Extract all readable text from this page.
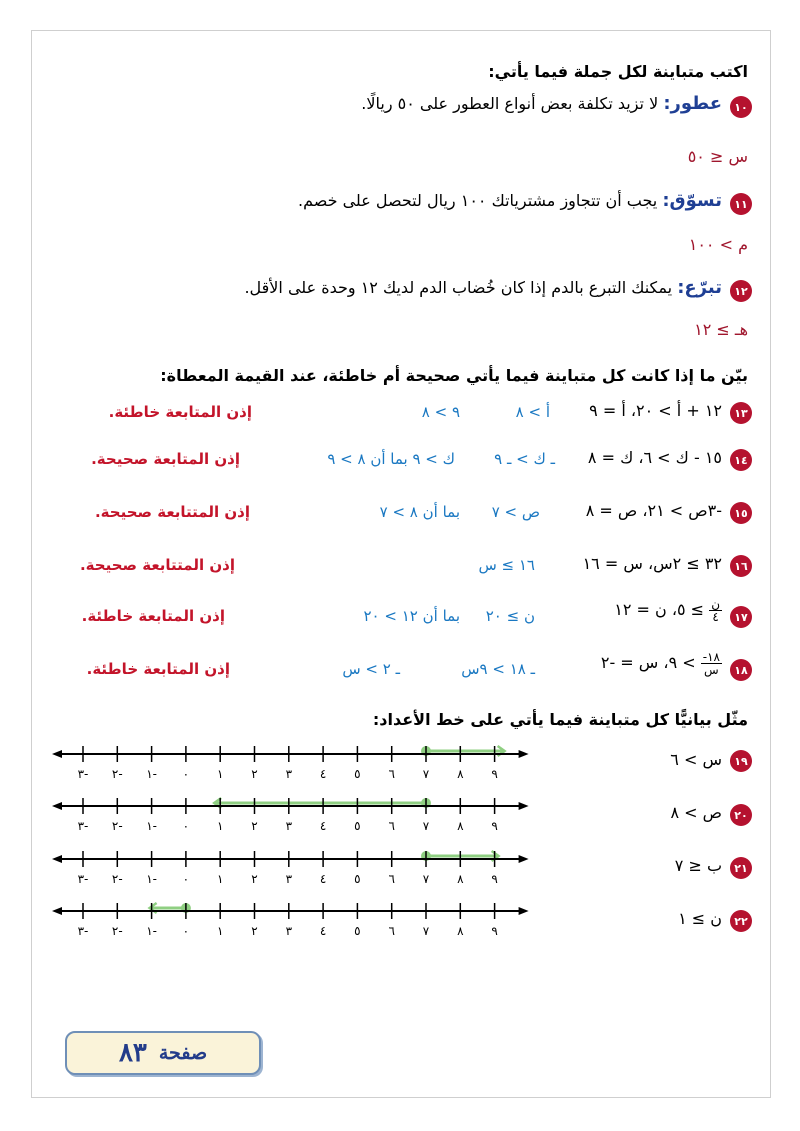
اكتب متباينة لكل جملة فيما يأتي:
١٠
عطور: لا تزيد تكلفة بعض أنواع العطور على ٥٠ ريالًا.
س ≤ ٥٠
١١
تسوّق: يجب أن تتجاوز مشترياتك ١٠٠ ريال لتحصل على خصم.
م > ١٠٠
١٢
تبرّع: يمكنك التبرع بالدم إذا كان خُضاب الدم لديك ١٢ وحدة على الأقل.
هـ ≥ ١٢
بيّن ما إذا كانت كل متباينة فيما يأتي صحيحة أم خاطئة، عند القيمة المعطاة:
١٣
١٢ + أ > ٢٠، أ = ٩
أ > ٨
٩ > ٨
إذن المتابعة خاطئة.
١٤
١٥ - ك > ٦، ك = ٨
ـ ك > ـ ٩
ك > ٩ بما أن ٨ > ٩
إذن المتابعة صحيحة.
١٥
-٣ص > ٢١، ص = ٨
ص > ٧
بما أن ٨ > ٧
إذن المتتابعة صحيحة.
١٦
٣٢ ≥ ٢س، س = ١٦
١٦ ≥ س
إذن المتتابعة صحيحة.
١٧
$\frac{\text{ن}}{٤}$
≥ ٥، ن = ١٢
ن ≥ ٢٠
بما أن ١٢ > ٢٠
إذن المتابعة خاطئة.
١٨
$\frac{١٨-}{\text{س}}$
> ٩، س = -٢
ـ ١٨ > ٩س
ـ ٢ > س
إذن المتابعة خاطئة.
مثّل بيانيًّا كل متباينة فيما يأتي على خط الأعداد:
١٩
س > ٦
٣- ٢- ١- ٠ ١ ٢ ٣ ٤ ٥ ٦ ٧ ٨ ٩
٢٠
ص > ٨
٣- ٢- ١- ٠ ١ ٢ ٣ ٤ ٥ ٦ ٧ ٨ ٩
٢١
ب ≤ ٧
٣- ٢- ١- ٠ ١ ٢ ٣ ٤ ٥ ٦ ٧ ٨ ٩
٢٢
ن ≥ ١
٣- ٢- ١- ٠ ١ ٢ ٣ ٤ ٥ ٦ ٧ ٨ ٩
صفحة
٨٣
